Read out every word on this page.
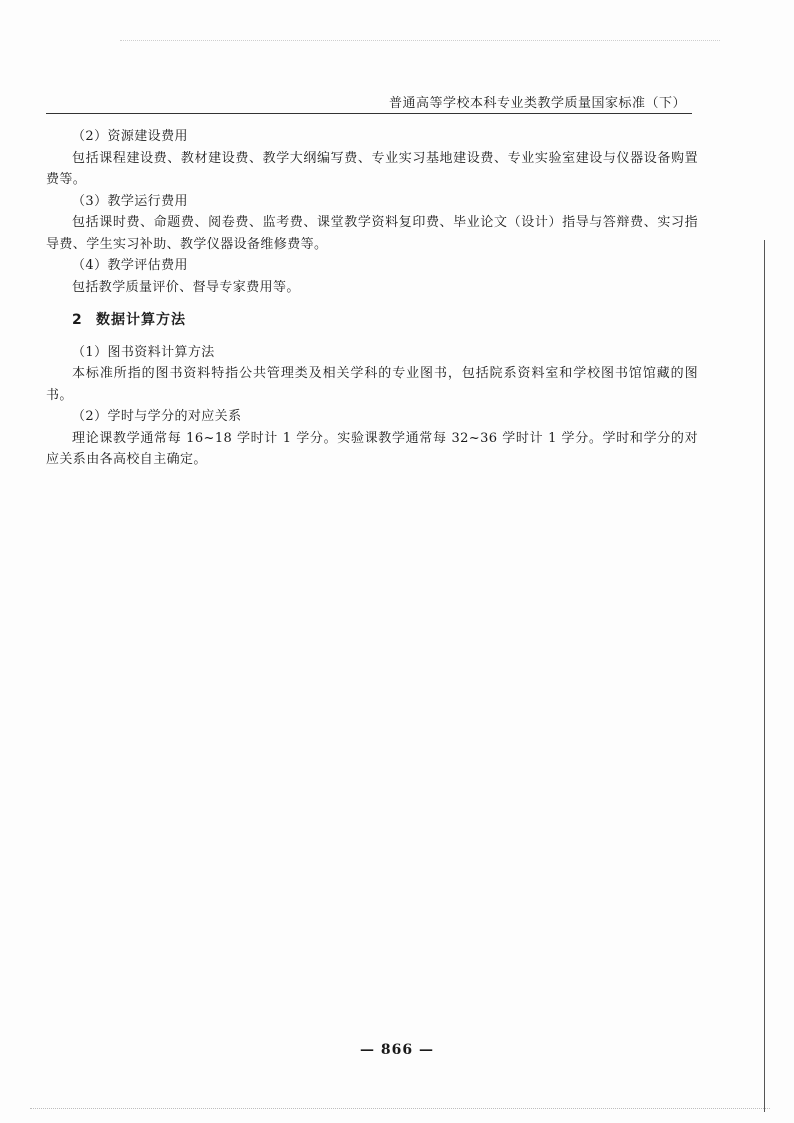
普通高等学校本科专业类教学质量国家标准（下）

（2）资源建设费用

包括课程建设费、教材建设费、教学大纲编写费、专业实习基地建设费、专业实验室建设与仪器设备购置费等。

（3）教学运行费用

包括课时费、命题费、阅卷费、监考费、课堂教学资料复印费、毕业论文（设计）指导与答辩费、实习指导费、学生实习补助、教学仪器设备维修费等。

（4）教学评估费用

包括教学质量评价、督导专家费用等。

2 数据计算方法

（1）图书资料计算方法

本标准所指的图书资料特指公共管理类及相关学科的专业图书，包括院系资料室和学校图书馆馆藏的图书。

（2）学时与学分的对应关系

理论课教学通常每 16~18 学时计 1 学分。实验课教学通常每 32~36 学时计 1 学分。学时和学分的对应关系由各高校自主确定。

— 866 —
